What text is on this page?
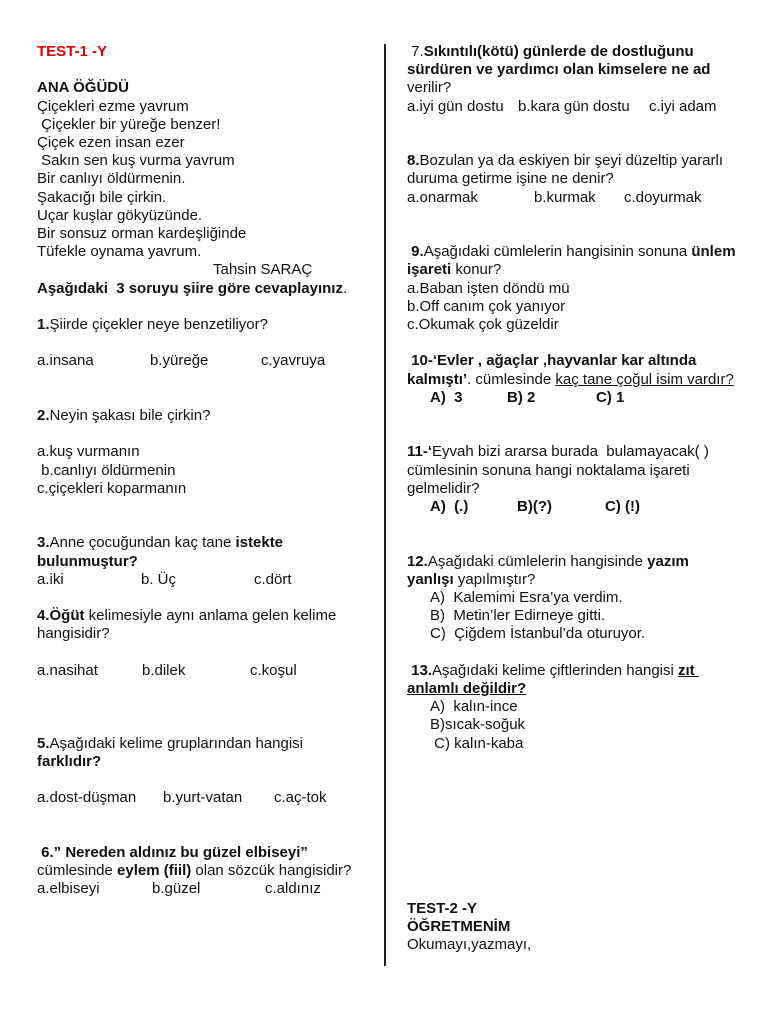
TEST-1 -Y
ANA ÖĞÜDÜ
Çiçekleri ezme yavrum
Çiçekler bir yüreğe benzer!
Çiçek ezen insan ezer
Sakın sen kuş vurma yavrum
Bir canlıyı öldürmenin.
Şakacığı bile çirkin.
Uçar kuşlar gökyüzünde.
Bir sonsuz orman kardeşliğinde
Tüfekle oynama yavrum.
Tahsin SARAÇ
Aşağıdaki  3 soruyu şiire göre cevaplayınız.
1.Şiirde çiçekler neye benzetiliyor?
a.insana	b.yüreğe	c.yavruya
2.Neyin şakası bile çirkin?
a.kuş vurmanın
b.canlıyı öldürmenin
c.çiçekleri koparmanın
3.Anne çocuğundan kaç tane istekte
bulunmuştur?
a.iki	b. Üç	c.dört
4.Öğüt kelimesiyle aynı anlama gelen kelime
hangisidir?
a.nasihat	b.dilek	c.koşul
5.Aşağıdaki kelime gruplarından hangisi
farklıdır?
a.dost-düşman b.yurt-vatan c.aç-tok
6.” Nereden aldınız bu güzel elbiseyi”
cümlesinde eylem (fiil) olan sözcük hangisidir?
a.elbiseyi	b.güzel	c.aldınız
7.Sıkıntılı(kötü) günlerde de dostluğunu
sürdüren ve yardımcı olan kimselere ne ad
verilir?
a.iyi gün dostu b.kara gün dostu c.iyi adam
8.Bozulan ya da eskiyen bir şeyi düzeltip yararlı
duruma getirme işine ne denir?
a.onarmak	b.kurmak c.doyurmak
9.Aşağıdaki cümlelerin hangisinin sonuna ünlem
işareti konur?
a.Baban işten döndü mü
b.Off canım çok yanıyor
c.Okumak çok güzeldir
10-‘Evler , ağaçlar ,hayvanlar kar altında
kalmıştı’. cümlesinde kaç tane çoğul isim vardır?
A)  3	B) 2	C) 1
11-‘Eyvah bizi ararsa burada  bulamayacak( )
cümlesinin sonuna hangi noktalama işareti
gelmelidir?
A)  (.)	B)(?)	C) (!)
12.Aşağıdaki cümlelerin hangisinde yazım
yanlışı yapılmıştır?
A)  Kalemimi Esra’ya verdim.
B)  Metin’ler Edirneye gitti.
C)  Çiğdem İstanbul’da oturuyor.
13.Aşağıdaki kelime çiftlerinden hangisi zıt
anlamlı değildir?
A)  kalın-ince
B)sıcak-soğuk
C) kalın-kaba
TEST-2 -Y
ÖĞRETMENİM
Okumayı,yazmayı,
